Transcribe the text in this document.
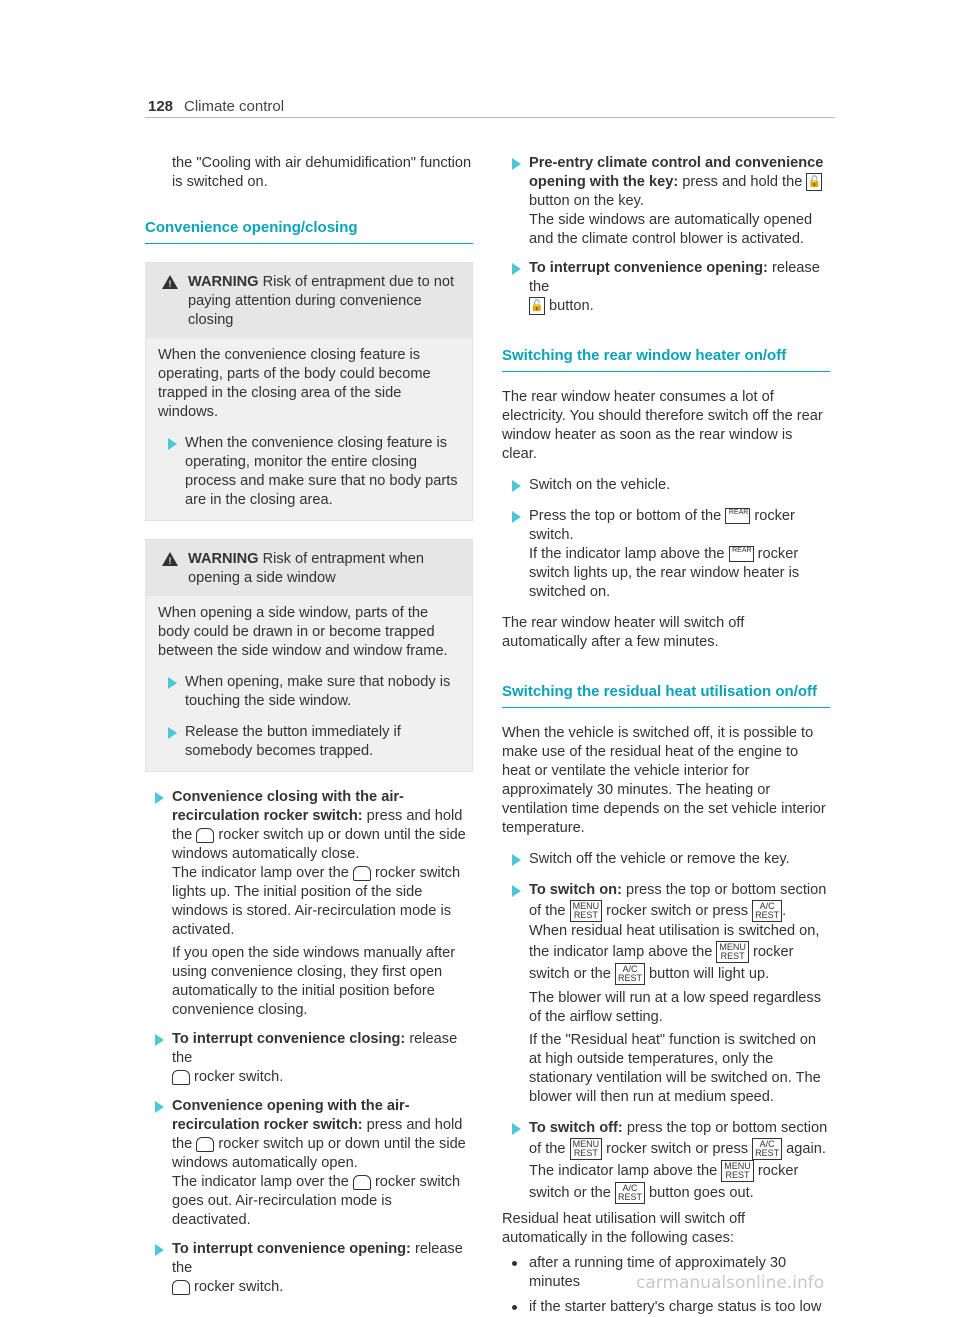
128 Climate control

the "Cooling with air dehumidification" function is switched on.

Convenience opening/closing
! WARNING Risk of entrapment due to not paying attention during convenience closing

When the convenience closing feature is operating, parts of the body could become trapped in the closing area of the side windows.

When the convenience closing feature is operating, monitor the entire closing process and make sure that no body parts are in the closing area.
! WARNING Risk of entrapment when opening a side window

When opening a side window, parts of the body could be drawn in or become trapped between the side window and window frame.

When opening, make sure that nobody is touching the side window.
Release the button immediately if somebody becomes trapped.

Convenience closing with the air-recirculation rocker switch: press and hold the  rocker switch up or down until the side windows automatically close.

The indicator lamp over the  rocker switch lights up. The initial position of the side windows is stored. Air-recirculation mode is activated.

If you open the side windows manually after using convenience closing, they first open automatically to the initial position before convenience closing.

To interrupt convenience closing: release the
rocker switch.

Convenience opening with the air-recirculation rocker switch: press and hold the  rocker switch up or down until the side windows automatically open.

The indicator lamp over the  rocker switch goes out. Air-recirculation mode is deactivated.

To interrupt convenience opening: release the
rocker switch.

Pre-entry climate control and convenience opening with the key: press and hold the 🔓 button on the key.

The side windows are automatically opened and the climate control blower is activated.

To interrupt convenience opening: release the
🔓 button.

Switching the rear window heater on/off

The rear window heater consumes a lot of electricity. You should therefore switch off the rear window heater as soon as the rear window is clear.

Switch on the vehicle.

Press the top or bottom of the REAR rocker switch.

If the indicator lamp above the REAR rocker switch lights up, the rear window heater is switched on.

The rear window heater will switch off automatically after a few minutes.

Switching the residual heat utilisation on/off

When the vehicle is switched off, it is possible to make use of the residual heat of the engine to heat or ventilate the vehicle interior for approximately 30 minutes. The heating or ventilation time depends on the set vehicle interior temperature.

Switch off the vehicle or remove the key.

To switch on: press the top or bottom section of the MENU
REST rocker switch or press A/C
REST .

When residual heat utilisation is switched on, the indicator lamp above the MENU
REST rocker switch or the A/C
REST button will light up.

The blower will run at a low speed regardless of the airflow setting.

If the "Residual heat" function is switched on at high outside temperatures, only the stationary ventilation will be switched on. The blower will then run at medium speed.

To switch off: press the top or bottom section of the MENU
REST rocker switch or press A/C
REST again.

The indicator lamp above the MENU
REST rocker switch or the A/C
REST button goes out.

Residual heat utilisation will switch off automatically in the following cases:

after a running time of approximately 30 minutes
if the starter battery's charge status is too low
carmanualsonline.info
